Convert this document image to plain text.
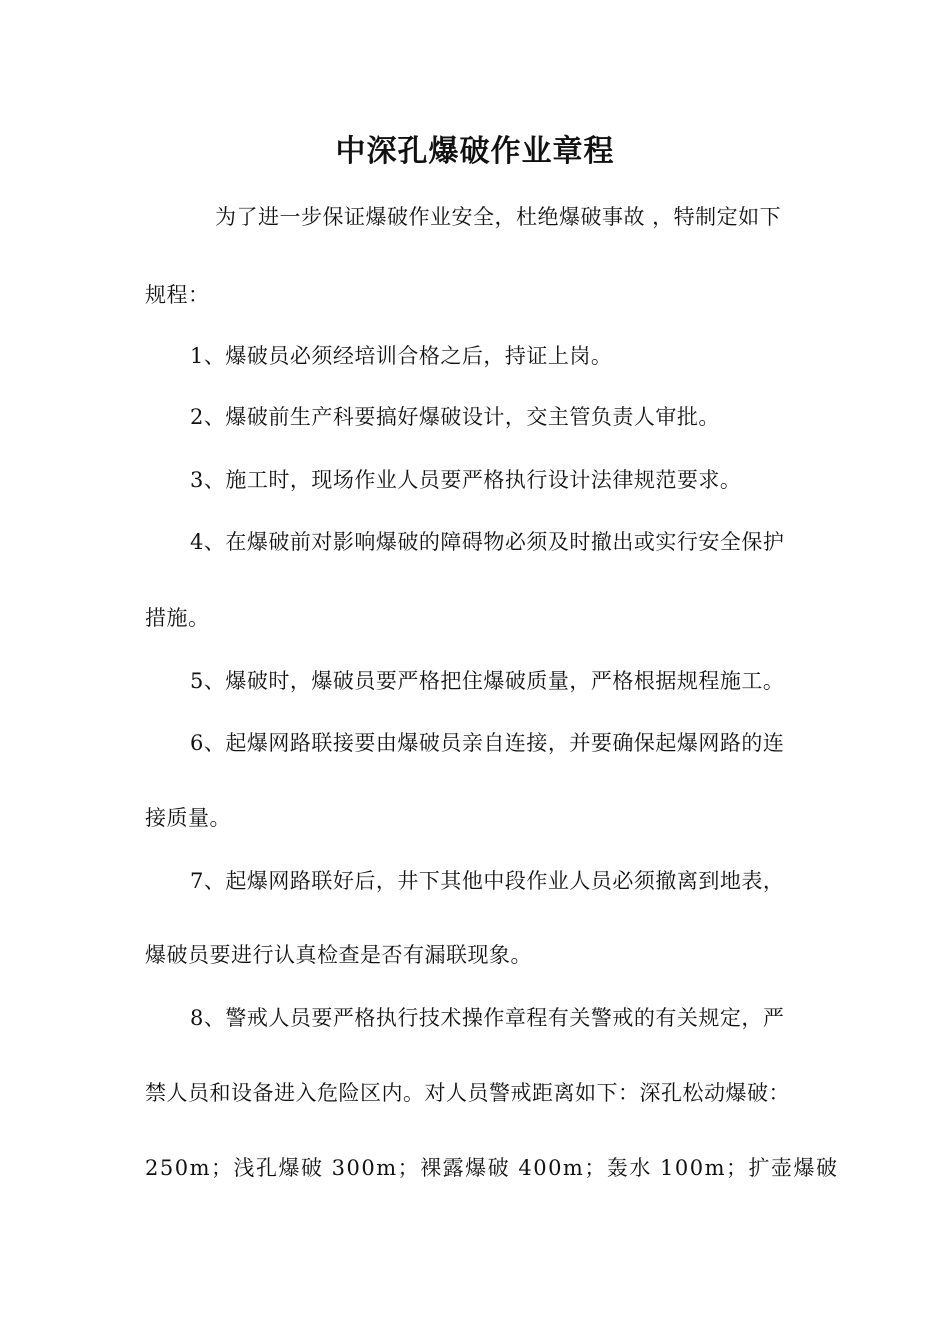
中深孔爆破作业章程

为了进一步保证爆破作业安全，杜绝爆破事故 ，特制定如下

规程：

1、爆破员必须经培训合格之后，持证上岗。

2、爆破前生产科要搞好爆破设计，交主管负责人审批。

3、施工时，现场作业人员要严格执行设计法律规范要求。

4、在爆破前对影响爆破的障碍物必须及时撤出或实行安全保护

措施。

5、爆破时，爆破员要严格把住爆破质量，严格根据规程施工。

6、起爆网路联接要由爆破员亲自连接，并要确保起爆网路的连

接质量。

7、起爆网路联好后，井下其他中段作业人员必须撤离到地表，

爆破员要进行认真检查是否有漏联现象。

8、警戒人员要严格执行技术操作章程有关警戒的有关规定，严

禁人员和设备进入危险区内。对人员警戒距离如下：深孔松动爆破：

250m；浅孔爆破 300m；裸露爆破 400m；轰水 100m；扩壶爆破
